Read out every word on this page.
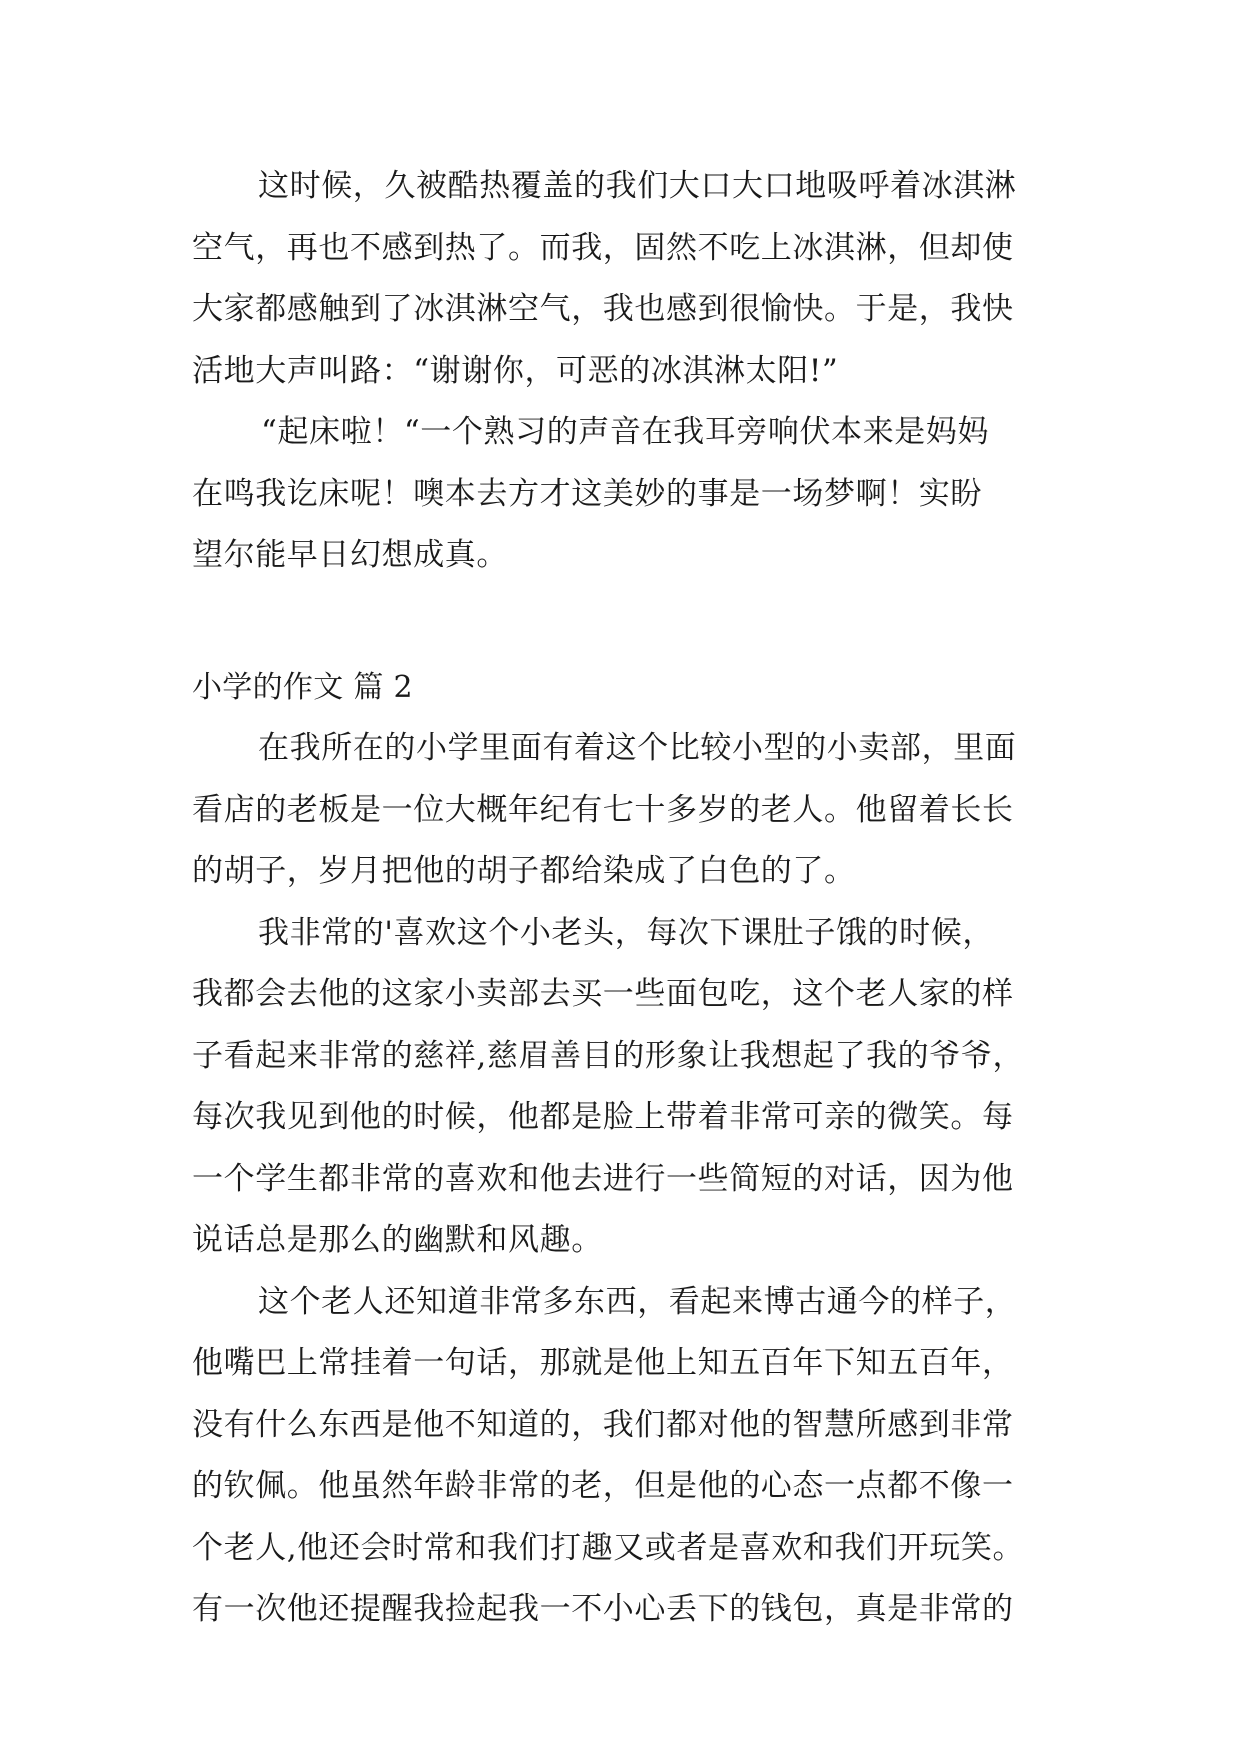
这时候，久被酷热覆盖的我们大口大口地吸呼着冰淇淋
空气，再也不感到热了。而我，固然不吃上冰淇淋，但却使
大家都感触到了冰淇淋空气，我也感到很愉快。于是，我快
活地大声叫路：“谢谢你，可恶的冰淇淋太阳!”
“起床啦！“一个熟习的声音在我耳旁响伏本来是妈妈
在鸣我讫床呢！噢本去方才这美妙的事是一场梦啊！实盼
望尔能早日幻想成真。
小学的作文 篇 2
在我所在的小学里面有着这个比较小型的小卖部，里面
看店的老板是一位大概年纪有七十多岁的老人。他留着长长
的胡子，岁月把他的胡子都给染成了白色的了。
我非常的'喜欢这个小老头，每次下课肚子饿的时候，
我都会去他的这家小卖部去买一些面包吃，这个老人家的样
子看起来非常的慈祥,慈眉善目的形象让我想起了我的爷爷，
每次我见到他的时候，他都是脸上带着非常可亲的微笑。每
一个学生都非常的喜欢和他去进行一些简短的对话，因为他
说话总是那么的幽默和风趣。
这个老人还知道非常多东西，看起来博古通今的样子，
他嘴巴上常挂着一句话，那就是他上知五百年下知五百年，
没有什么东西是他不知道的，我们都对他的智慧所感到非常
的钦佩。他虽然年龄非常的老，但是他的心态一点都不像一
个老人,他还会时常和我们打趣又或者是喜欢和我们开玩笑。
有一次他还提醒我捡起我一不小心丢下的钱包，真是非常的
